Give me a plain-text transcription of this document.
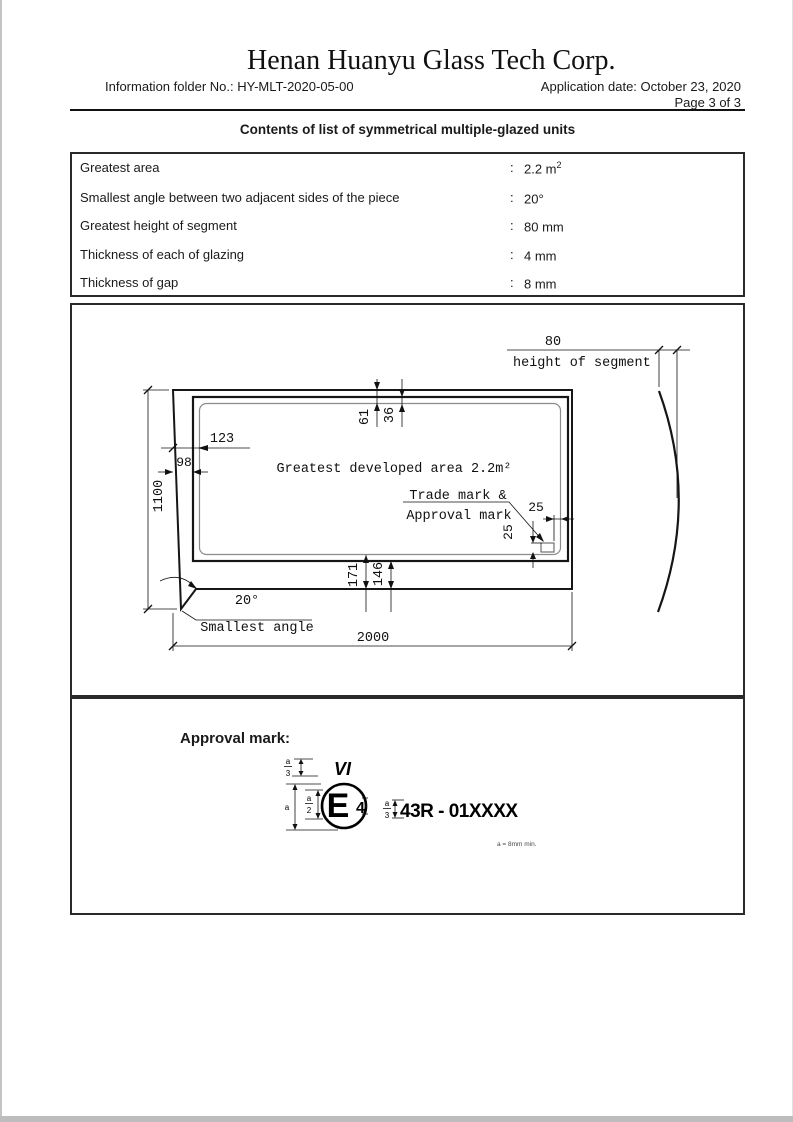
Henan Huanyu Glass Tech Corp.
Information folder No.: HY-MLT-2020-05-00	Application date: October 23, 2020
Page 3 of 3
Contents of list of symmetrical multiple-glazed units
Greatest area	: 2.2 $m^2$
Smallest angle between two adjacent sides of the piece	: 20°
Greatest height of segment	: 80 mm
Thickness of each of glazing	: 4 mm
Thickness of gap	: 8 mm
80
height of segment
1100
2000
123
98
61 36
171 146
Trade mark &
Approval mark
25
25
Greatest developed area 2.2m²
20°
Smallest angle
Approval mark:
a
3 VI
a
a
2 E 4 a
3 43R - 01XXXX
a = 8mm min.
